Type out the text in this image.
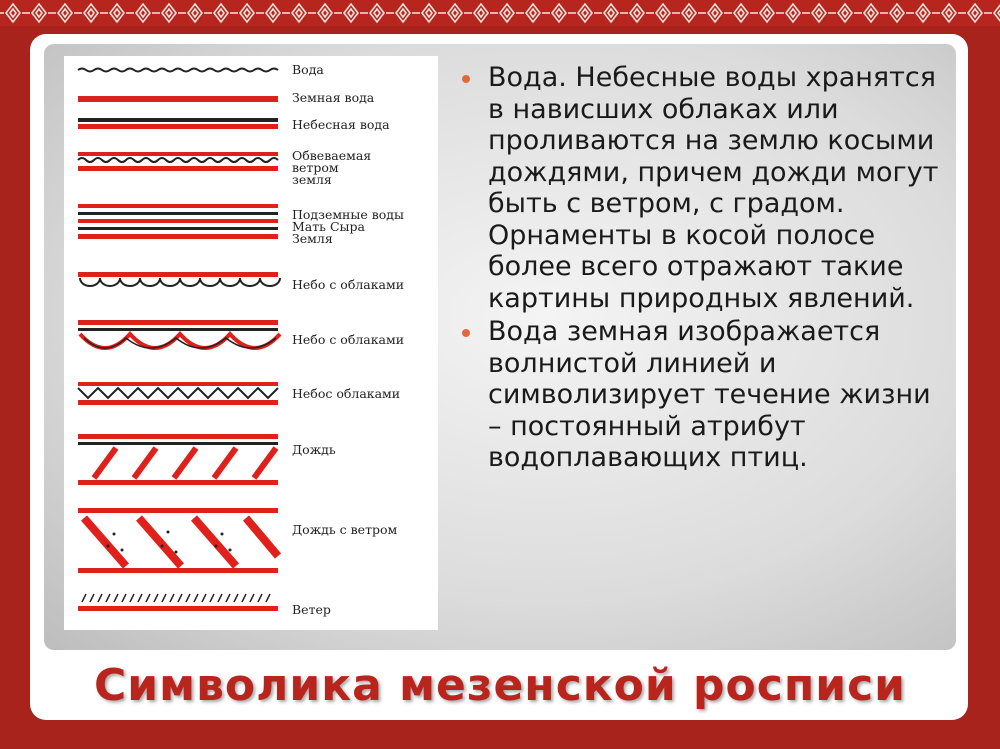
Вода
Земная вода
Небесная вода
Обвеваемая
ветром
земля
Подземные воды
Мать Сыра
Земля
Небо с облаками
Небо с облаками
Небос облаками
Дождь
Дождь с ветром
Ветер
Вода. Небесные воды хранятся в нависших облаках или проливаются на землю косыми дождями, причем дожди могут быть с ветром, с градом. Орнаменты в косой полосе более всего отражают такие картины природных явлений.
Вода земная изображается волнистой линией и символизирует течение жизни – постоянный атрибут водоплавающих птиц.
Символика мезенской росписи
